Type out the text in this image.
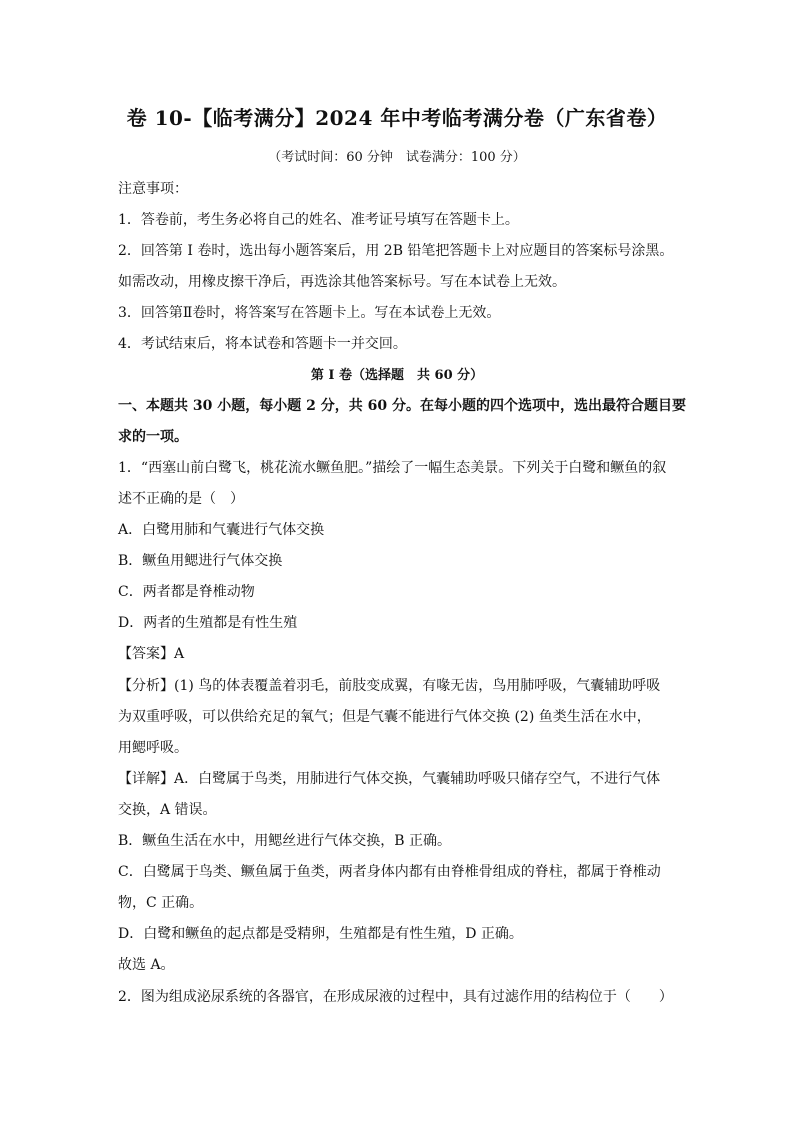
卷 10-【临考满分】2024 年中考临考满分卷（广东省卷）
（考试时间：60 分钟　试卷满分：100 分）
注意事项：
1．答卷前，考生务必将自己的姓名、准考证号填写在答题卡上。
2．回答第 I 卷时，选出每小题答案后，用 2B 铅笔把答题卡上对应题目的答案标号涂黑。
如需改动，用橡皮擦干净后，再选涂其他答案标号。写在本试卷上无效。
3．回答第Ⅱ卷时，将答案写在答题卡上。写在本试卷上无效。
4．考试结束后，将本试卷和答题卡一并交回。
第 I 卷（选择题　共 60 分）
一、本题共 30 小题，每小题 2 分，共 60 分。在每小题的四个选项中，选出最符合题目要
求的一项。
1．“西塞山前白鹭飞，桃花流水鳜鱼肥。”描绘了一幅生态美景。下列关于白鹭和鳜鱼的叙
述不正确的是（　）
A．白鹭用肺和气囊进行气体交换
B．鳜鱼用鳃进行气体交换
C．两者都是脊椎动物
D．两者的生殖都是有性生殖
【答案】A
【分析】(1) 鸟的体表覆盖着羽毛，前肢变成翼，有喙无齿，鸟用肺呼吸，气囊辅助呼吸
为双重呼吸，可以供给充足的氧气；但是气囊不能进行气体交换 (2) 鱼类生活在水中，
用鳃呼吸。
【详解】A．白鹭属于鸟类，用肺进行气体交换，气囊辅助呼吸只储存空气，不进行气体
交换，A 错误。
B．鳜鱼生活在水中，用鳃丝进行气体交换，B 正确。
C．白鹭属于鸟类、鳜鱼属于鱼类，两者身体内都有由脊椎骨组成的脊柱，都属于脊椎动
物，C 正确。
D．白鹭和鳜鱼的起点都是受精卵，生殖都是有性生殖，D 正确。
故选 A。
2．图为组成泌尿系统的各器官，在形成尿液的过程中，具有过滤作用的结构位于（　　）
